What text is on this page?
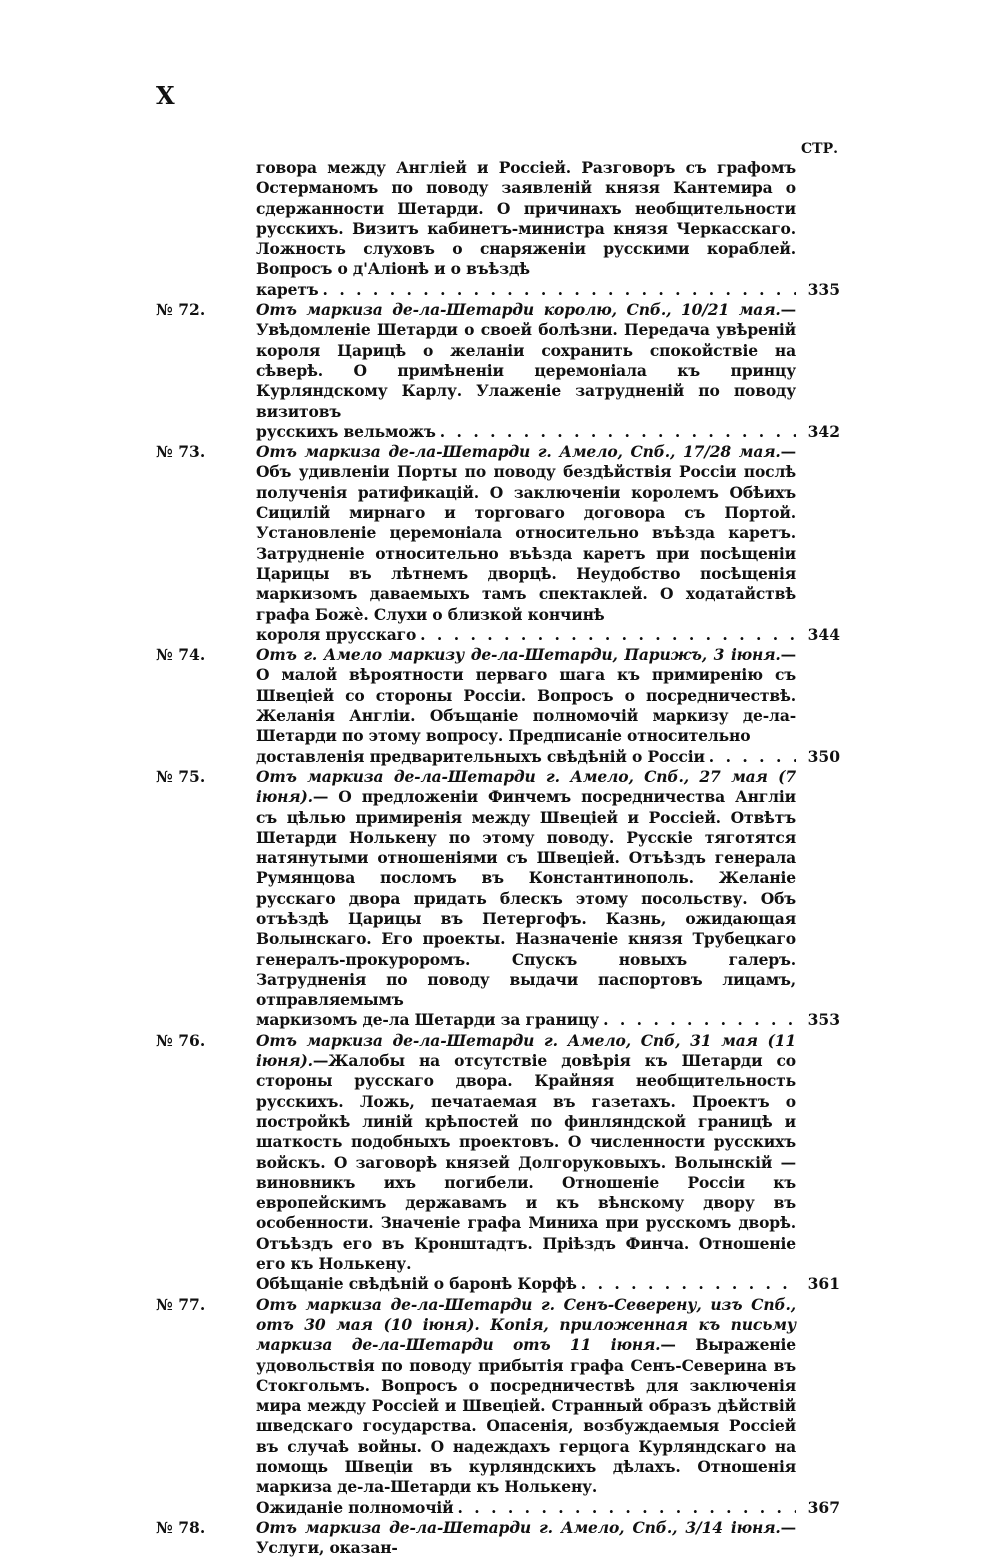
X
СТР.
говора между Англіей и Россіей. Разговоръ съ графомъ Остерманомъ по поводу заявленій князя Кантемира о сдержанности Шетарди. О причинахъ необщительности русскихъ. Визитъ кабинетъ-министра князя Черкасскаго. Ложность слуховъ о снаряженіи русскими кораблей. Вопросъ о д'Аліонѣ и о въѣздѣ
каретъ . . .	335
№ 72.	Отъ маркиза де-ла-Шетарди королю, Спб., 10/21 мая.—Увѣдомленіе Шетарди о своей болѣзни. Передача увѣреній короля Царицѣ о желаніи сохранить спокойствіе на сѣверѣ. О примѣненіи церемоніала къ принцу Курляндскому Карлу. Улаженіе затрудненій по поводу визитовъ
русскихъ вельможъ . . .	342
№ 73.	Отъ маркиза де-ла-Шетарди г. Амело, Спб., 17/28 мая.—Объ удивленіи Порты по поводу бездѣйствія Россіи послѣ полученія ратификацій. О заключеніи королемъ Обѣихъ Сицилій мирнаго и торговаго договора съ Портой. Установленіе церемоніала относительно въѣзда каретъ. Затрудненіе относительно въѣзда каретъ при посѣщеніи Царицы въ лѣтнемъ дворцѣ. Неудобство посѣщенія маркизомъ даваемыхъ тамъ спектаклей. О ходатайствѣ графа Божѐ. Слухи о близкой кончинѣ
короля прусскаго . . .	344
№ 74.	Отъ г. Амело маркизу де-ла-Шетарди, Парижъ, 3 іюня.— О малой вѣроятности перваго шага къ примиренію съ Швеціей со стороны Россіи. Вопросъ о посредничествѣ. Желанія Англіи. Объщаніе полномочій маркизу де-ла-Шетарди по этому вопросу. Предписаніе относительно
доставленія предварительныхъ свѣдѣній о Россіи . . .	350
№ 75.	Отъ маркиза де-ла-Шетарди г. Амело, Спб., 27 мая (7 іюня).— О предложеніи Финчемъ посредничества Англіи съ цѣлью примиренія между Швеціей и Россіей. Отвѣтъ Шетарди Нолькену по этому поводу. Русскіе тяготятся натянутыми отношеніями съ Швеціей. Отъѣздъ генерала Румянцова посломъ въ Константинополь. Желаніе русскаго двора придать блескъ этому посольству. Объ отъѣздѣ Царицы въ Петергофъ. Казнь, ожидающая Волынскаго. Его проекты. Назначеніе князя Трубецкаго генералъ-прокуроромъ. Спускъ новыхъ галеръ. Затрудненія по поводу выдачи паспортовъ лицамъ, отправляемымъ
маркизомъ де-ла Шетарди за границу . . .	353
№ 76.	Отъ маркиза де-ла-Шетарди г. Амело, Спб, 31 мая (11 іюня).—Жалобы на отсутствіе довѣрія къ Шетарди со стороны русскаго двора. Крайняя необщительность русскихъ. Ложь, печатаемая въ газетахъ. Проектъ о постройкѣ линій крѣпостей по финляндской границѣ и шаткость подобныхъ проектовъ. О численности русскихъ войскъ. О заговорѣ князей Долгоруковыхъ. Волынскій — виновникъ ихъ погибели. Отношеніе Россіи къ европейскимъ державамъ и къ вѣнскому двору въ особенности. Значеніе графа Миниха при русскомъ дворѣ. Отъѣздъ его въ Кронштадтъ. Пріѣздъ Финча. Отношеніе его къ Нолькену.
Обѣщаніе свѣдѣній о баронѣ Корфѣ . . .	361
№ 77.	Отъ маркиза де-ла-Шетарди г. Сенъ-Северену, изъ Спб., отъ 30 мая (10 іюня). Копія, приложенная къ письму маркиза де-ла-Шетарди отъ 11 іюня.— Выраженіе удовольствія по поводу прибытія графа Сенъ-Северина въ Стокгольмъ. Вопросъ о посредничествѣ для заключенія мира между Россіей и Швеціей. Странный образъ дѣйствій шведскаго государства. Опасенія, возбуждаемыя Россіей въ случаѣ войны. О надеждахъ герцога Курляндскаго на помощь Швеціи въ курляндскихъ дѣлахъ. Отношенія маркиза де-ла-Шетарди къ Нолькену.
Ожиданіе полномочій . . .	367
№ 78.	Отъ маркиза де-ла-Шетарди г. Амело, Спб., 3/14 іюня.—Услуги, оказан-
